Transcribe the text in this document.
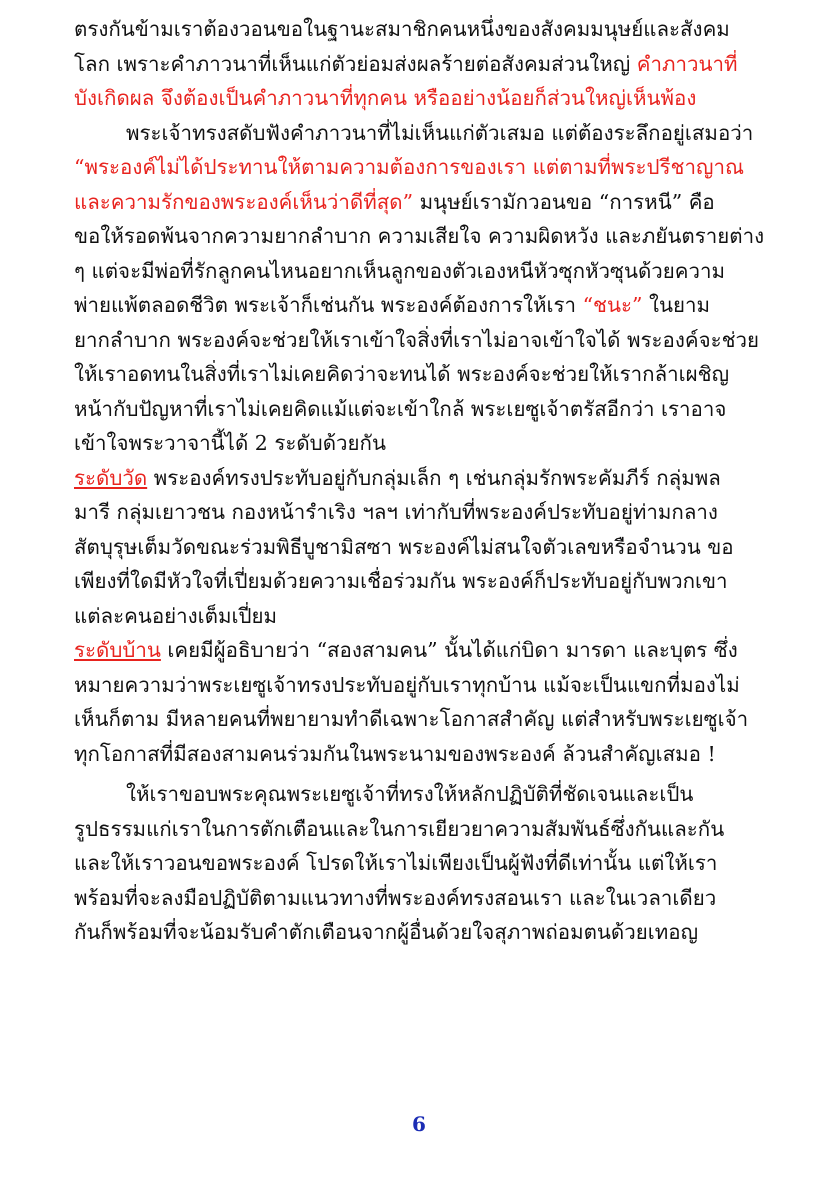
ตรงกันข้ามเราต้องวอนขอในฐานะสมาชิกคนหนึ่งของสังคมมนุษย์และสังคม
โลก เพราะคำภาวนาที่เห็นแก่ตัวย่อมส่งผลร้ายต่อสังคมส่วนใหญ่ คำภาวนาที่
บังเกิดผล จึงต้องเป็นคำภาวนาที่ทุกคน หรืออย่างน้อยก็ส่วนใหญ่เห็นพ้อง
พระเจ้าทรงสดับฟังคำภาวนาที่ไม่เห็นแก่ตัวเสมอ แต่ต้องระลึกอยู่เสมอว่า
“พระองค์ไม่ได้ประทานให้ตามความต้องการของเรา แต่ตามที่พระปรีชาญาณ
และความรักของพระองค์เห็นว่าดีที่สุด” มนุษย์เรามักวอนขอ “การหนี” คือ
ขอให้รอดพ้นจากความยากลำบาก ความเสียใจ ความผิดหวัง และภยันตรายต่าง
ๆ แต่จะมีพ่อที่รักลูกคนไหนอยากเห็นลูกของตัวเองหนีหัวซุกหัวซุนด้วยความ
พ่ายแพ้ตลอดชีวิต พระเจ้าก็เช่นกัน พระองค์ต้องการให้เรา “ชนะ” ในยาม
ยากลำบาก พระองค์จะช่วยให้เราเข้าใจสิ่งที่เราไม่อาจเข้าใจได้ พระองค์จะช่วย
ให้เราอดทนในสิ่งที่เราไม่เคยคิดว่าจะทนได้ พระองค์จะช่วยให้เรากล้าเผชิญ
หน้ากับปัญหาที่เราไม่เคยคิดแม้แต่จะเข้าใกล้ พระเยซูเจ้าตรัสอีกว่า เราอาจ
เข้าใจพระวาจานี้ได้ 2 ระดับด้วยกัน
ระดับวัด พระองค์ทรงประทับอยู่กับกลุ่มเล็ก ๆ เช่นกลุ่มรักพระคัมภีร์ กลุ่มพล
มารี กลุ่มเยาวชน กองหน้ารำเริง ฯลฯ เท่ากับที่พระองค์ประทับอยู่ท่ามกลาง
สัตบุรุษเต็มวัดขณะร่วมพิธีบูชามิสซา พระองค์ไม่สนใจตัวเลขหรือจำนวน ขอ
เพียงที่ใดมีหัวใจที่เปี่ยมด้วยความเชื่อร่วมกัน พระองค์ก็ประทับอยู่กับพวกเขา
แต่ละคนอย่างเต็มเปี่ยม
ระดับบ้าน เคยมีผู้อธิบายว่า “สองสามคน” นั้นได้แก่บิดา มารดา และบุตร ซึ่ง
หมายความว่าพระเยซูเจ้าทรงประทับอยู่กับเราทุกบ้าน แม้จะเป็นแขกที่มองไม่
เห็นก็ตาม มีหลายคนที่พยายามทำดีเฉพาะโอกาสสำคัญ แต่สำหรับพระเยซูเจ้า
ทุกโอกาสที่มีสองสามคนร่วมกันในพระนามของพระองค์ ล้วนสำคัญเสมอ !
ให้เราขอบพระคุณพระเยซูเจ้าที่ทรงให้หลักปฏิบัติที่ชัดเจนและเป็น
รูปธรรมแก่เราในการตักเตือนและในการเยียวยาความสัมพันธ์ซึ่งกันและกัน
และให้เราวอนขอพระองค์ โปรดให้เราไม่เพียงเป็นผู้ฟังที่ดีเท่านั้น แต่ให้เรา
พร้อมที่จะลงมือปฏิบัติตามแนวทางที่พระองค์ทรงสอนเรา และในเวลาเดียว
กันก็พร้อมที่จะน้อมรับคำตักเตือนจากผู้อื่นด้วยใจสุภาพถ่อมตนด้วยเทอญ
6
